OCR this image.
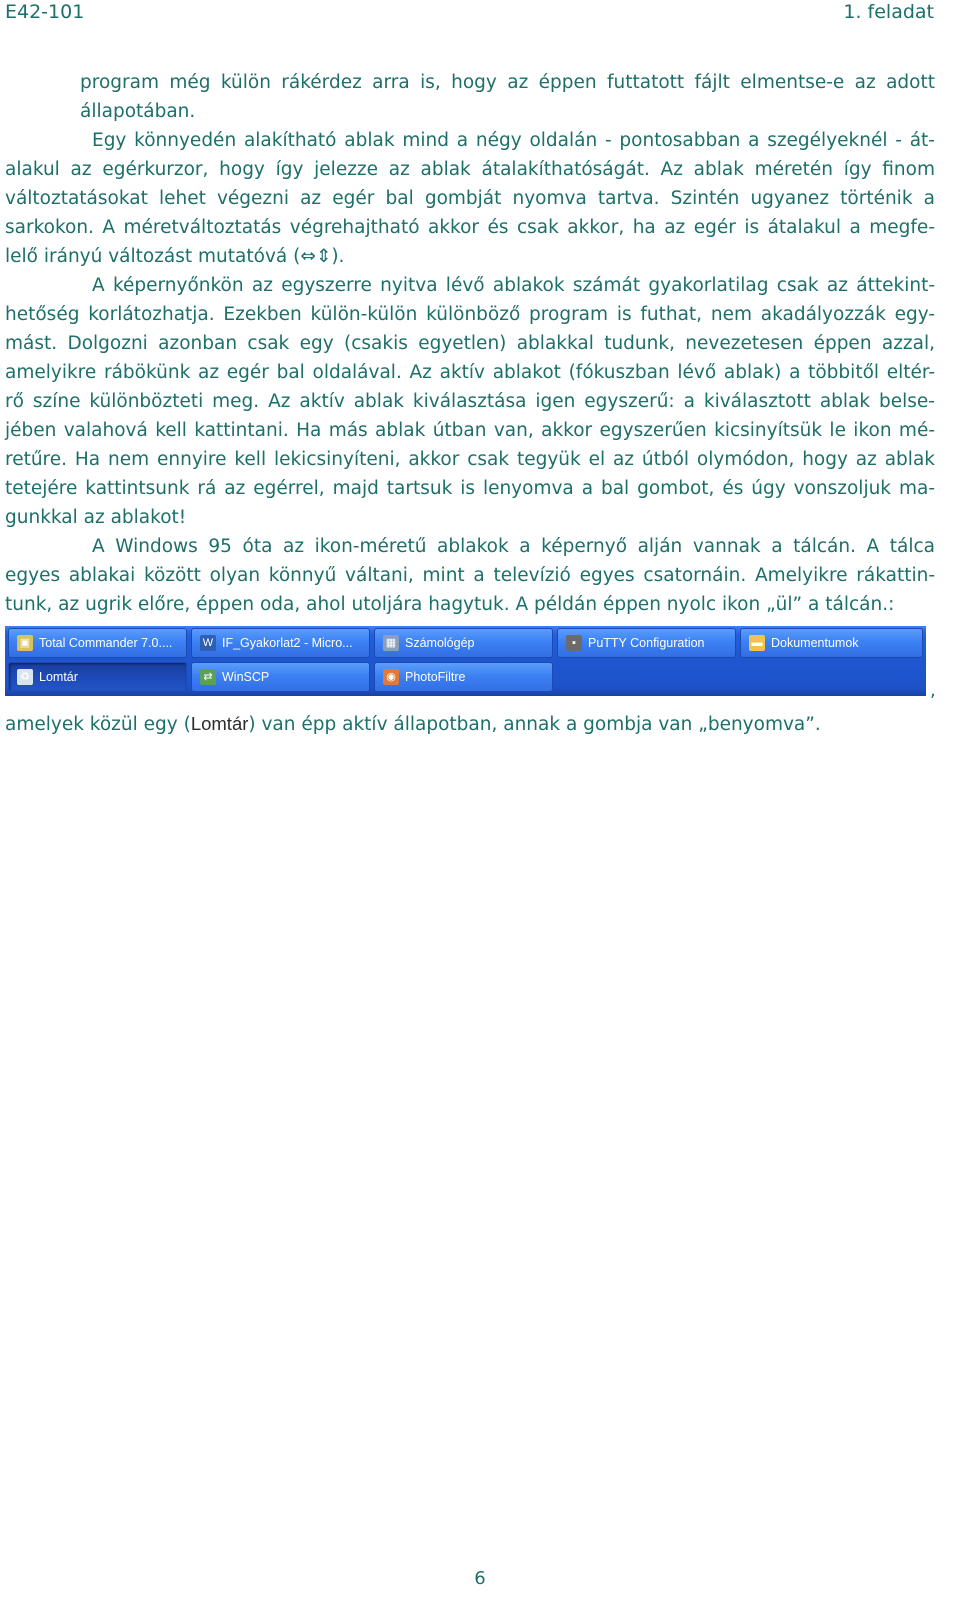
E42-101	1. feladat
program még külön rákérdez arra is, hogy az éppen futtatott fájlt elmentse-e az adott
állapotában.
Egy könnyedén alakítható ablak mind a négy oldalán - pontosabban a szegélyeknél - át-
alakul az egérkurzor, hogy így jelezze az ablak átalakíthatóságát. Az ablak méretén így finom
változtatásokat lehet végezni az egér bal gombját nyomva tartva. Szintén ugyanez történik a
sarkokon. A méretváltoztatás végrehajtható akkor és csak akkor, ha az egér is átalakul a megfe-
lelő irányú változást mutatóvá (⇔⇕).
A képernyőnkön az egyszerre nyitva lévő ablakok számát gyakorlatilag csak az áttekint-
hetőség korlátozhatja. Ezekben külön-külön különböző program is futhat, nem akadályozzák egy-
mást. Dolgozni azonban csak egy (csakis egyetlen) ablakkal tudunk, nevezetesen éppen azzal,
amelyikre rábökünk az egér bal oldalával. Az aktív ablakot (fókuszban lévő ablak) a többitől eltér-
rő színe különbözteti meg. Az aktív ablak kiválasztása igen egyszerű: a kiválasztott ablak belse-
jében valahová kell kattintani. Ha más ablak útban van, akkor egyszerűen kicsinyítsük le ikon mé-
retűre. Ha nem ennyire kell lekicsinyíteni, akkor csak tegyük el az útból olymódon, hogy az ablak
tetejére kattintsunk rá az egérrel, majd tartsuk is lenyomva a bal gombot, és úgy vonszoljuk ma-
gunkkal az ablakot!
A Windows 95 óta az ikon-méretű ablakok a képernyő alján vannak a tálcán. A tálca
egyes ablakai között olyan könnyű váltani, mint a televízió egyes csatornáin. Amelyikre rákattin-
tunk, az ugrik előre, éppen oda, ahol utoljára hagytuk. A példán éppen nyolc ikon „ül” a tálcán.:
▣ Total Commander 7.0....	W IF_Gyakorlat2 - Micro...	▦ Számológép	▪ PuTTY Configuration	▬ Dokumentumok
♻ Lomtár	⇄ WinSCP	◉ PhotoFiltre
,
amelyek közül egy (Lomtár) van épp aktív állapotban, annak a gombja van „benyomva”.
6
